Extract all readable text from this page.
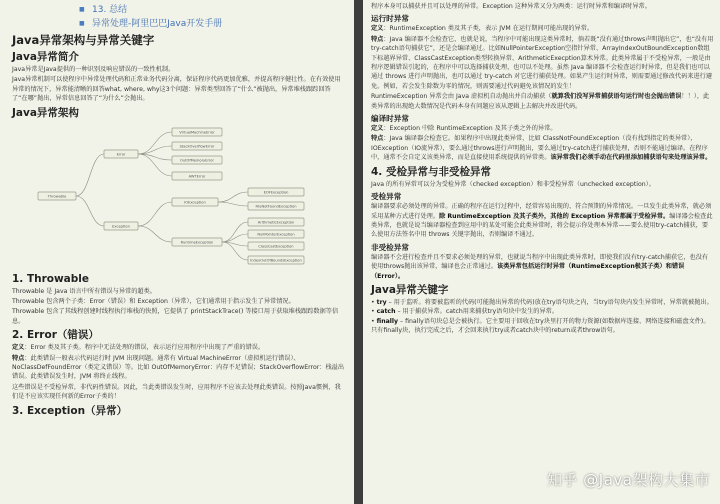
■ 13. 总结
■ 异常处理-阿里巴巴Java开发手册
Java异常架构与异常关键字
Java异常简介

Java异常是Java提供的一种识别及响应错误的一致性机制。

Java异常机制可以使程序中异常处理代码和正常业务代码分离，保证程序代码更加优雅，并提高程序健壮性。在有效使用异常的情况下，异常能清晰的回答what, where, why这3个问题：异常类型回答了“什么”被抛出，异常堆栈跟踪回答了“在哪”抛出，异常信息回答了“为什么”会抛出。

Java异常架构
Throwable
Error
Exception
VirtualMachineError
StackOverflowError
OutOfMemoryError
AWTError
IOException
RuntimeException
ArithmeticException
NullPointerException
ClassCastException
IndexOutOfBoundsException
EOFException
FileNotFoundException
1. Throwable

Throwable 是 Java 语言中所有错误与异常的超类。

Throwable 包含两个子类：Error（错误）和 Exception（异常），它们通常用于指示发生了异常情况。

Throwable 包含了其线程创建时线程执行堆栈的快照，它提供了 printStackTrace() 等接口用于获取堆栈跟踪数据等信息。

2. Error（错误）

定义：Error 类及其子类。程序中无法处理的错误，表示运行应用程序中出现了严重的错误。

特点：此类错误一般表示代码运行时 JVM 出现问题。通常有 Virtual MachineError（虚拟机运行错误）、NoClassDefFoundError（类定义错误）等。比如 OutOfMemoryError：内存不足错误；StackOverflowError：栈溢出错误。此类错误发生时，JVM 将终止线程。

这些错误是不受检异常，非代码性错误。因此，当此类错误发生时，应用程序不应该去处理此类错误。按照Java惯例，我们是不应该实现任何新的Error子类的！

3. Exception（异常）

程序本身可以捕获并且可以处理的异常。Exception 这种异常又分为两类：运行时异常和编译时异常。

运行时异常

定义：RuntimeException 类及其子类，表示 JVM 在运行期间可能出现的异常。

特点：Java 编译器不会检查它，也就是说，当程序中可能出现这类异常时，倘若既“没有通过throws声明抛出它”，也“没有用try-catch语句捕获它”，还是会编译通过。比如NullPointerException空指针异常、ArrayIndexOutBoundException数组下标越界异常、ClassCastException类型转换异常、ArithmeticExecption算术异常。此类异常属于不受检异常，一般是由程序逻辑错误引起的，在程序中可以选择捕获处理，也可以不处理。虽然 Java 编译器不会检查运行时异常，但是我们也可以通过 throws 进行声明抛出，也可以通过 try-catch 对它进行捕获处理。如果产生运行时异常，则需要通过修改代码来进行避免。例如，若会发生除数为零的情况，则需要通过代码避免该情况的发生！

RuntimeException 异常会由 Java 虚拟机自动抛出并自动捕获（就算我们没写异常捕获语句运行时也会抛出错误！！），此类异常的出现绝大数情况是代码本身有问题应该从逻辑上去解决并改进代码。

编译时异常

定义：Exception 中除 RuntimeException 及其子类之外的异常。

特点：Java 编译器会检查它。如果程序中出现此类异常，比如 ClassNotFoundException（没有找到指定的类异常），IOException（IO流异常），要么通过throws进行声明抛出，要么通过try-catch进行捕获处理，否则不能通过编译。在程序中，通常不会自定义该类异常，而是直接使用系统提供的异常类。该异常我们必须手动在代码里添加捕获语句来处理该异常。

4. 受检异常与非受检异常

Java 的所有异常可以分为受检异常（checked exception）和非受检异常（unchecked exception）。

受检异常

编译器要求必须处理的异常。正确的程序在运行过程中，经常容易出现的、符合预期的异常情况。一旦发生此类异常，就必须采用某种方式进行处理。除 RuntimeException 及其子类外，其他的 Exception 异常都属于受检异常。编译器会检查此类异常，也就是说当编译器检查到应用中的某处可能会此类异常时，将会提示你处理本异常——要么使用try-catch捕获，要么使用方法签名中用 throws 关键字抛出，否则编译不通过。

非受检异常

编译器不会进行检查并且不要求必须处理的异常，也就说当程序中出现此类异常时，即使我们没有try-catch捕获它，也没有使用throws抛出该异常，编译也会正常通过。该类异常包括运行时异常（RuntimeException极其子类）和错误（Error）。

Java异常关键字

• try – 用于监听。将要被监听的代码(可能抛出异常的代码)放在try语句块之内，当try语句块内发生异常时，异常就被抛出。

• catch – 用于捕获异常。catch用来捕获try语句块中发生的异常。

• finally – finally语句块总是会被执行。它主要用于回收在try块里打开的物力资源(如数据库连接、网络连接和磁盘文件)。只有finally块，执行完成之后，才会回来执行try或者catch块中的return或者throw语句。

知乎 @Java架构大集市
